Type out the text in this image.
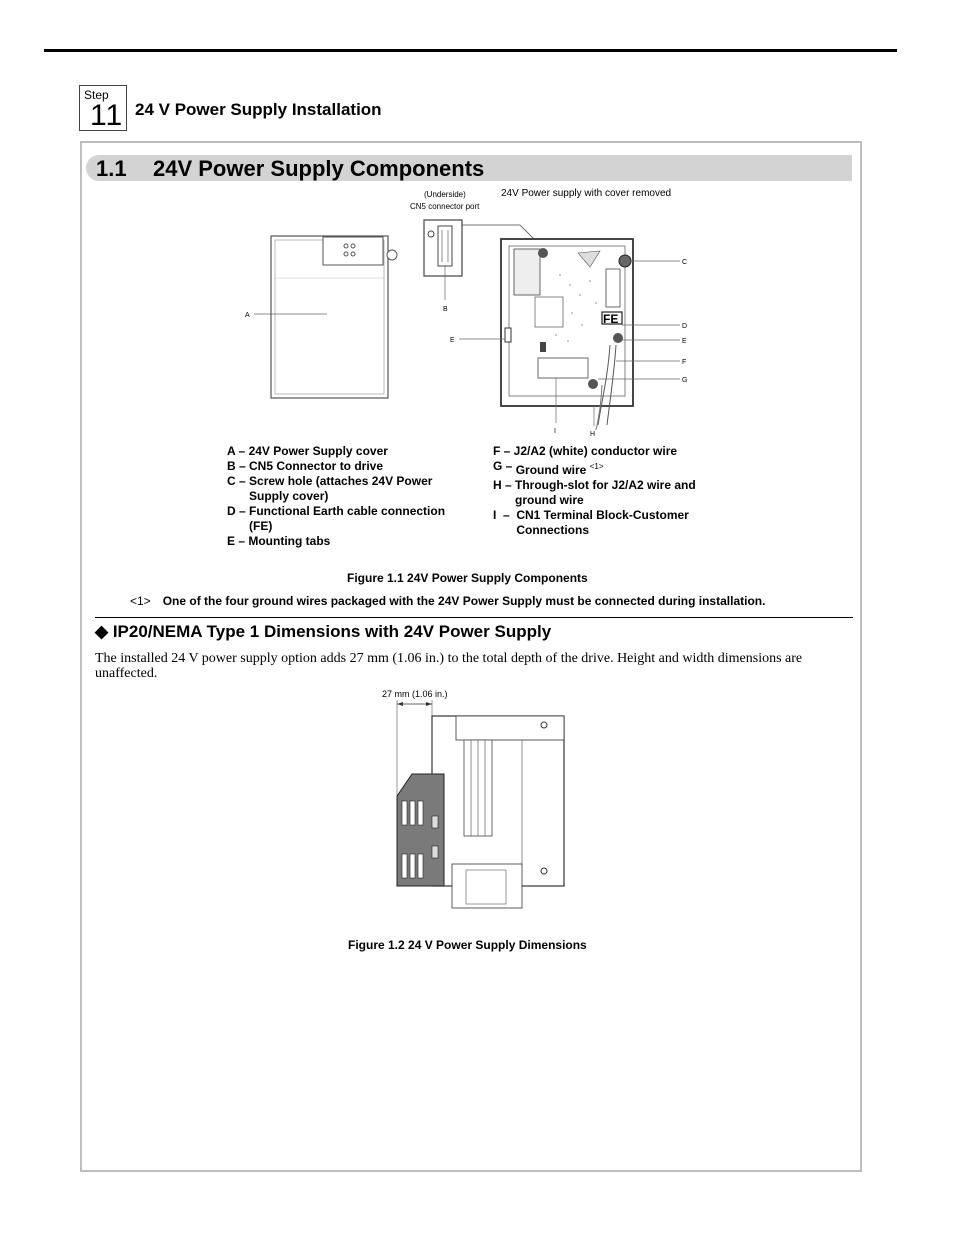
Step
11 24 V Power Supply Installation
1.1 24V Power Supply Components
(Underside)
CN5 connector port
24V Power supply with cover removed
A
B
FE
C
D
E
F
G
E
I	H
A – 24V Power Supply cover
B – CN5 Connector to drive
C – Screw hole (attaches 24V Power Supply cover)
D – Functional Earth cable connection (FE)
E – Mounting tabs
F – J2/A2 (white) conductor wire
G – Ground wire $^{<1>}$
H – Through-slot for J2/A2 wire and ground wire
I  – CN1 Terminal Block-Customer Connections
Figure 1.1 24V Power Supply Components
<1> One of the four ground wires packaged with the 24V Power Supply must be connected during installation.
◆ IP20/NEMA Type 1 Dimensions with 24V Power Supply
The installed 24 V power supply option adds 27 mm (1.06 in.) to the total depth of the drive. Height and width dimensions are unaffected.
27 mm (1.06 in.)
Figure 1.2 24 V Power Supply Dimensions
